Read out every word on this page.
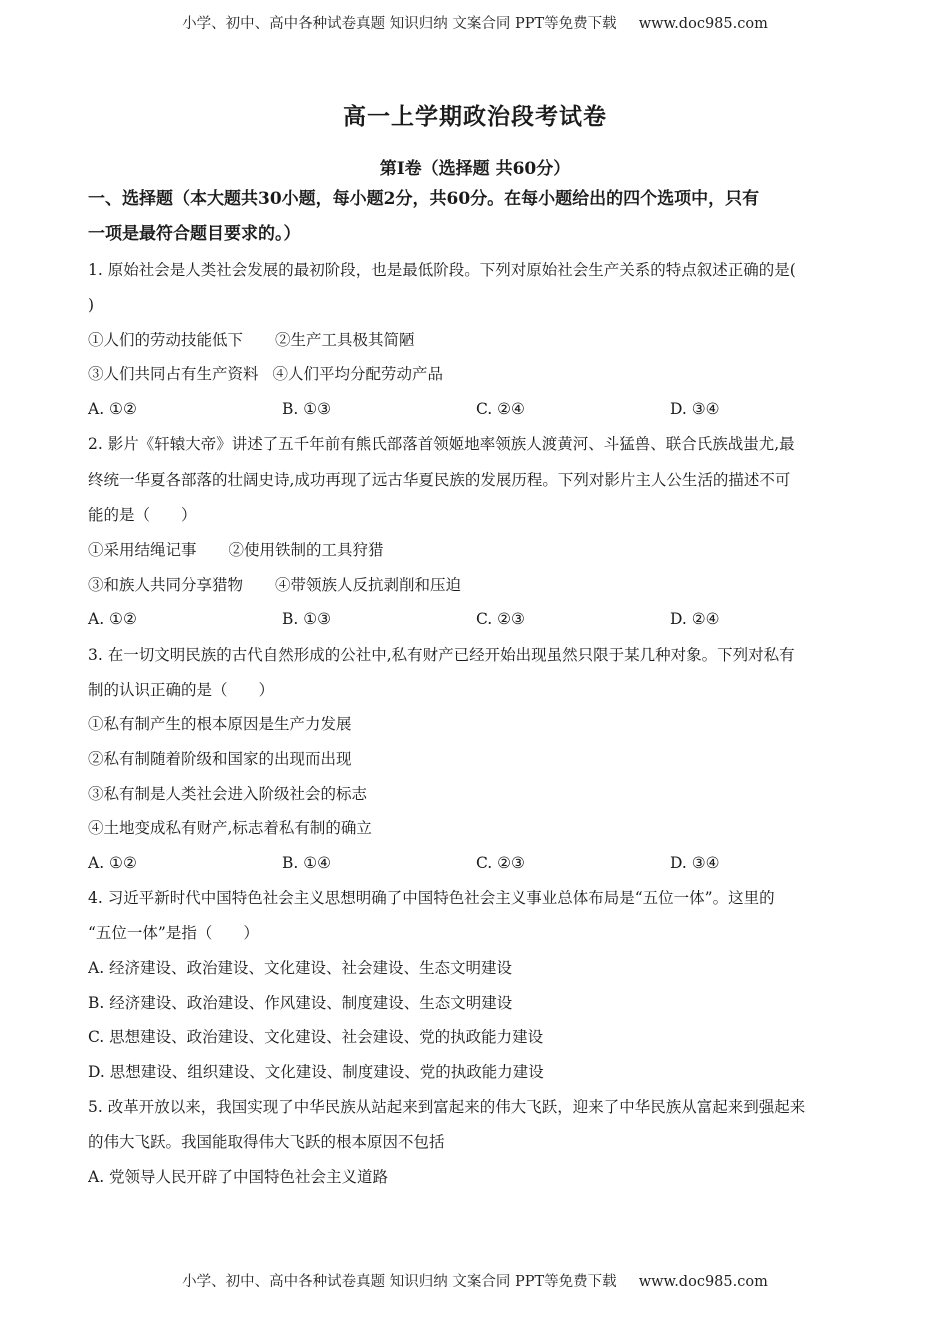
小学、初中、高中各种试卷真题 知识归纳 文案合同 PPT等免费下载 www.doc985.com
高一上学期政治段考试卷
第Ⅰ卷（选择题 共60分）
一、选择题（本大题共30小题，每小题2分，共60分。在每小题给出的四个选项中，只有
一项是最符合题目要求的。）
1. 原始社会是人类社会发展的最初阶段，也是最低阶段。下列对原始社会生产关系的特点叙述正确的是(
)
①人们的劳动技能低下 ②生产工具极其简陋
③人们共同占有生产资料 ④人们平均分配劳动产品
A. ①②	B. ①③	C. ②④	D. ③④
2. 影片《轩辕大帝》讲述了五千年前有熊氏部落首领姬地率领族人渡黄河、斗猛兽、联合氏族战蚩尤,最
终统一华夏各部落的壮阔史诗,成功再现了远古华夏民族的发展历程。下列对影片主人公生活的描述不可
能的是（　　）
①采用结绳记事 ②使用铁制的工具狩猎
③和族人共同分享猎物 ④带领族人反抗剥削和压迫
A. ①②	B. ①③	C. ②③	D. ②④
3. 在一切文明民族的古代自然形成的公社中,私有财产已经开始出现虽然只限于某几种对象。下列对私有
制的认识正确的是（　　）
①私有制产生的根本原因是生产力发展
②私有制随着阶级和国家的出现而出现
③私有制是人类社会进入阶级社会的标志
④土地变成私有财产,标志着私有制的确立
A. ①②	B. ①④	C. ②③	D. ③④
4. 习近平新时代中国特色社会主义思想明确了中国特色社会主义事业总体布局是“五位一体”。这里的
“五位一体”是指（　　）
A. 经济建设、政治建设、文化建设、社会建设、生态文明建设
B. 经济建设、政治建设、作风建设、制度建设、生态文明建设
C. 思想建设、政治建设、文化建设、社会建设、党的执政能力建设
D. 思想建设、组织建设、文化建设、制度建设、党的执政能力建设
5. 改革开放以来，我国实现了中华民族从站起来到富起来的伟大飞跃，迎来了中华民族从富起来到强起来
的伟大飞跃。我国能取得伟大飞跃的根本原因不包括
A. 党领导人民开辟了中国特色社会主义道路
小学、初中、高中各种试卷真题 知识归纳 文案合同 PPT等免费下载 www.doc985.com
